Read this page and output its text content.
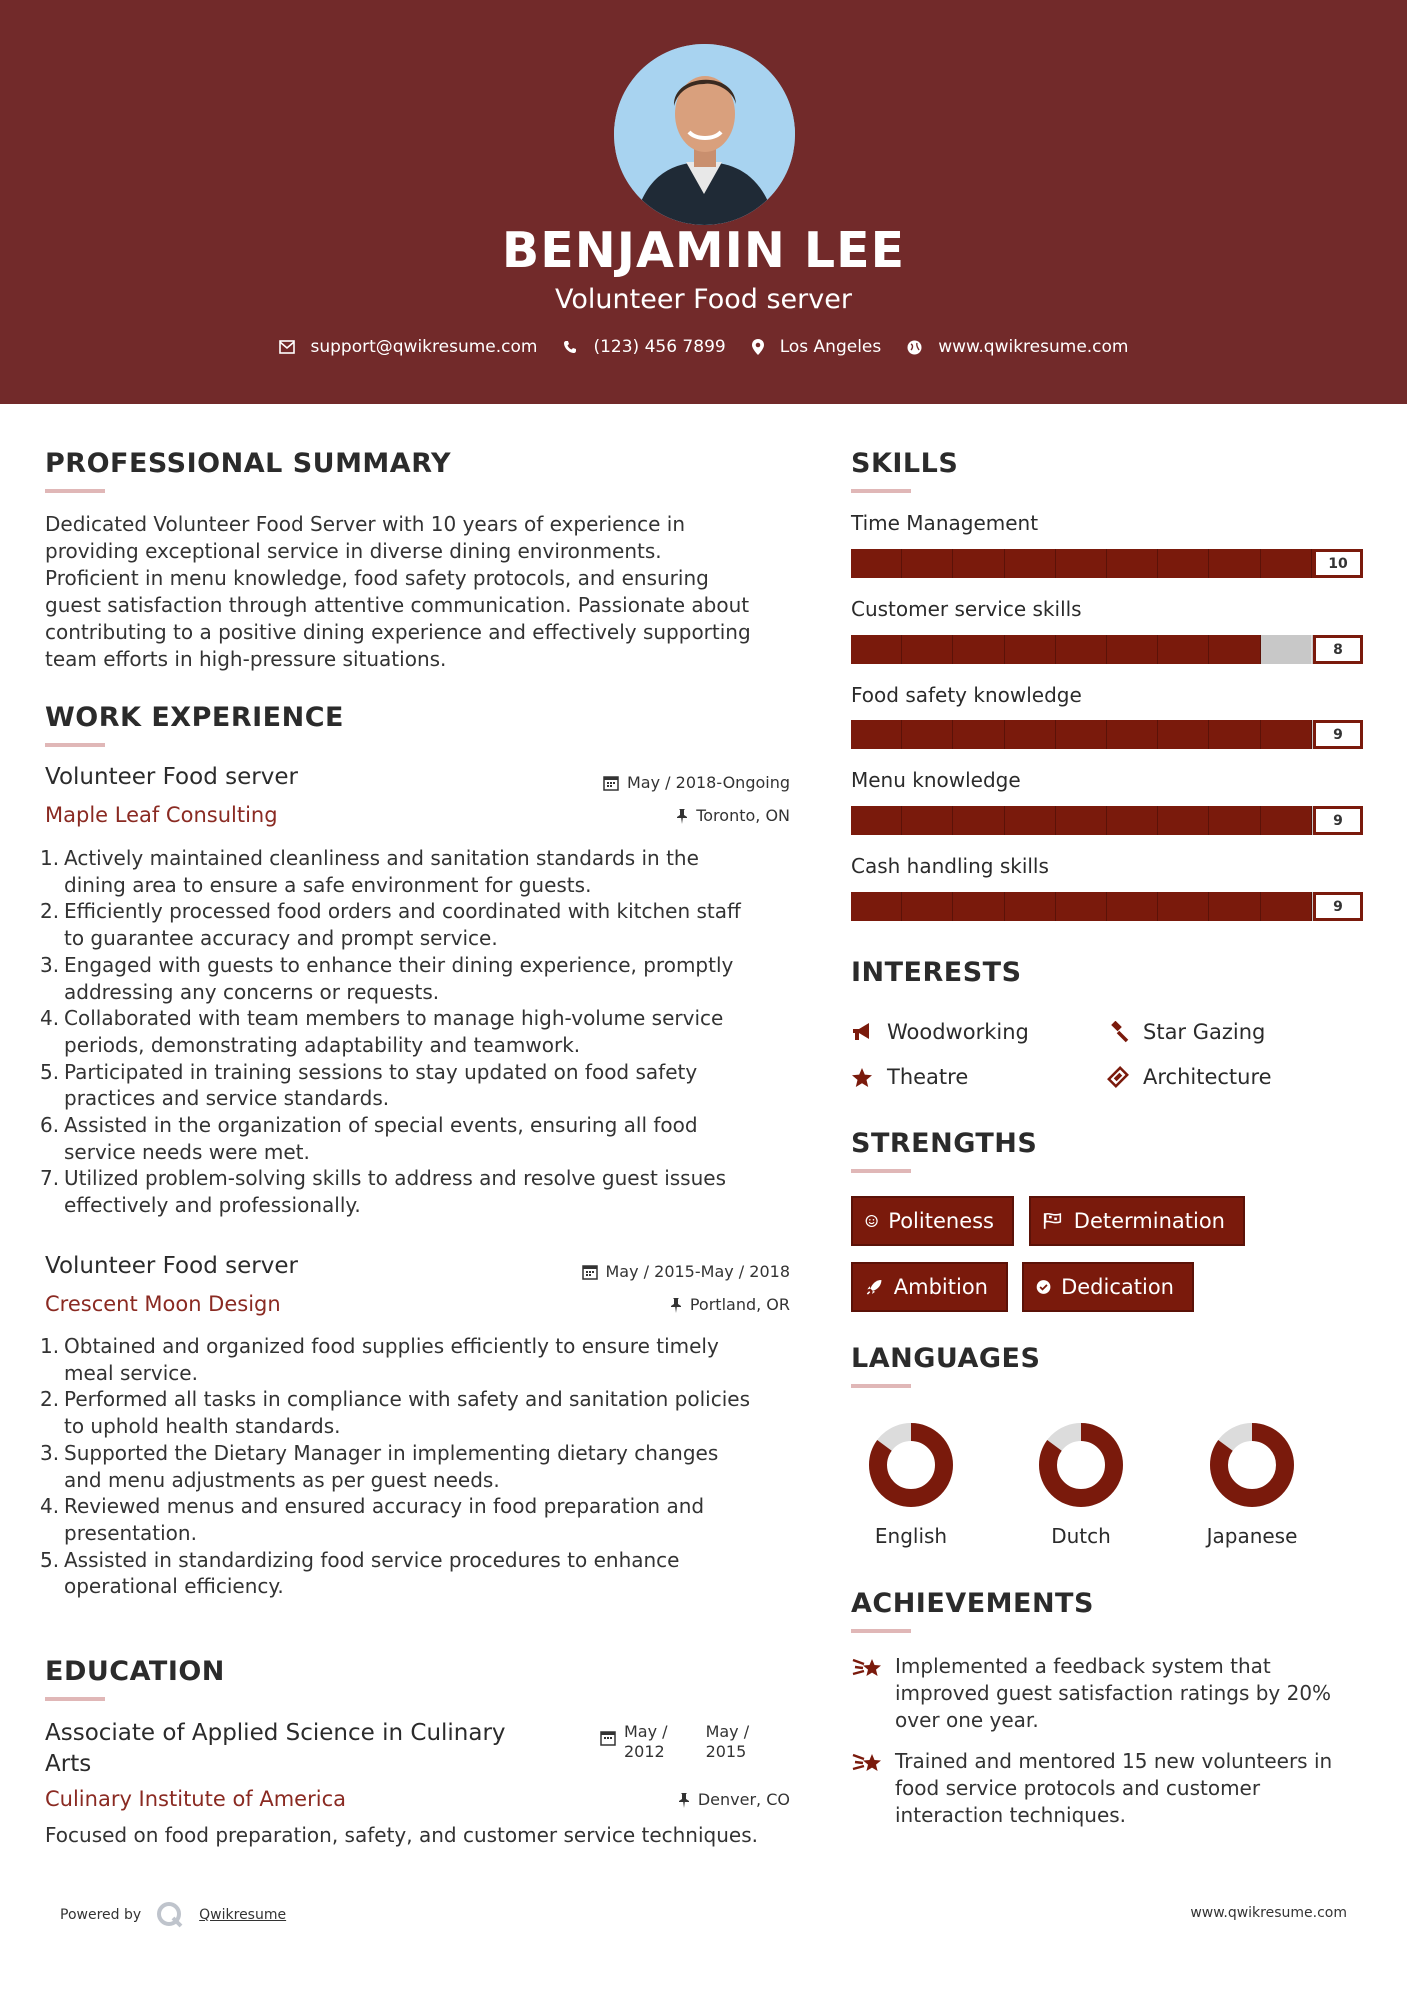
BENJAMIN LEE
Volunteer Food server
support@qwikresume.com	(123) 456 7899	Los Angeles	www.qwikresume.com
PROFESSIONAL SUMMARY
Dedicated Volunteer Food Server with 10 years of experience in
providing exceptional service in diverse dining environments.
Proficient in menu knowledge, food safety protocols, and ensuring
guest satisfaction through attentive communication. Passionate about
contributing to a positive dining experience and effectively supporting
team efforts in high-pressure situations.
WORK EXPERIENCE
Volunteer Food server
Maple Leaf Consulting
May / 2018-Ongoing
Toronto, ON
1. Actively maintained cleanliness and sanitation standards in the
dining area to ensure a safe environment for guests.
2. Efficiently processed food orders and coordinated with kitchen staff
to guarantee accuracy and prompt service.
3. Engaged with guests to enhance their dining experience, promptly
addressing any concerns or requests.
4. Collaborated with team members to manage high-volume service
periods, demonstrating adaptability and teamwork.
5. Participated in training sessions to stay updated on food safety
practices and service standards.
6. Assisted in the organization of special events, ensuring all food
service needs were met.
7. Utilized problem-solving skills to address and resolve guest issues
effectively and professionally.
Volunteer Food server
Crescent Moon Design
May / 2015-May / 2018
Portland, OR
1. Obtained and organized food supplies efficiently to ensure timely
meal service.
2. Performed all tasks in compliance with safety and sanitation policies
to uphold health standards.
3. Supported the Dietary Manager in implementing dietary changes
and menu adjustments as per guest needs.
4. Reviewed menus and ensured accuracy in food preparation and
presentation.
5. Assisted in standardizing food service procedures to enhance
operational efficiency.
EDUCATION
Associate of Applied Science in Culinary
Arts
May /
2012
May /
2015
Culinary Institute of America	Denver, CO
Focused on food preparation, safety, and customer service techniques.
SKILLS
Time Management
10
Customer service skills
8
Food safety knowledge
9
Menu knowledge
9
Cash handling skills
9
INTERESTS
Woodworking	Star Gazing
Theatre	Architecture
STRENGTHS
Politeness	Determination
Ambition	Dedication
LANGUAGES
English	Dutch	Japanese
ACHIEVEMENTS
Implemented a feedback system that
improved guest satisfaction ratings by 20%
over one year.
Trained and mentored 15 new volunteers in
food service protocols and customer
interaction techniques.
Powered by	Qwikresume	www.qwikresume.com
